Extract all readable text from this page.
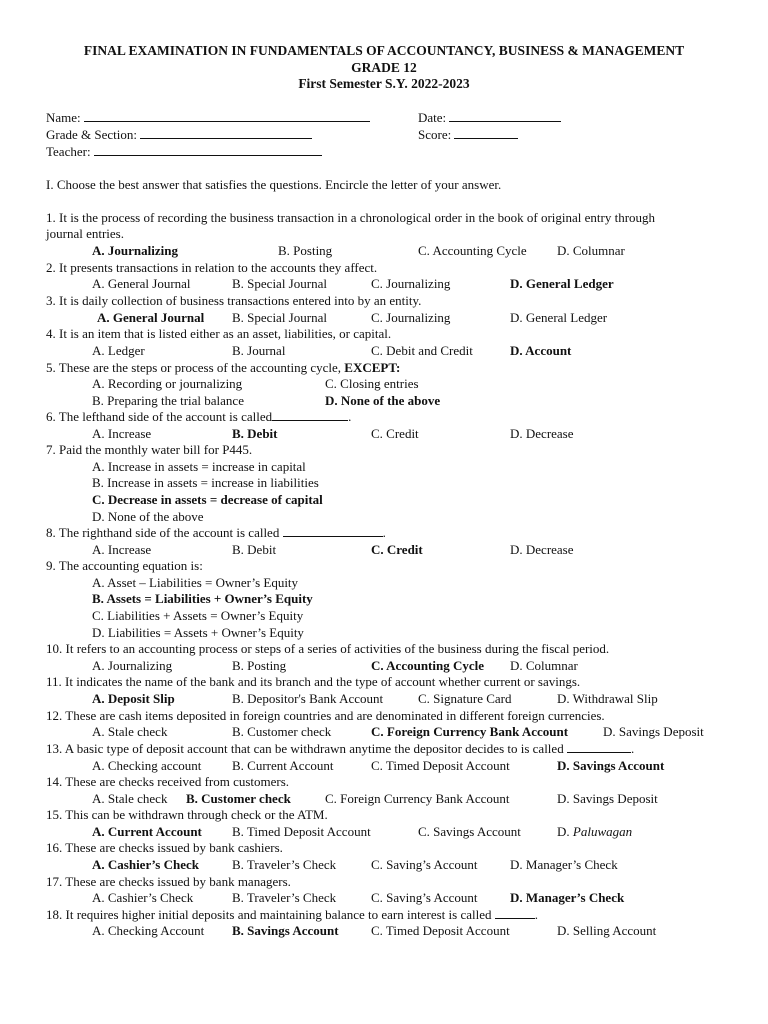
FINAL EXAMINATION IN FUNDAMENTALS OF ACCOUNTANCY, BUSINESS & MANAGEMENT
GRADE 12
First Semester S.Y. 2022-2023
Name:	Date:
Grade & Section:	Score:
Teacher:
I. Choose the best answer that satisfies the questions. Encircle the letter of your answer.
1. It is the process of recording the business transaction in a chronological order in the book of original entry through
journal entries.
A. Journalizing	B. Posting	C. Accounting Cycle D. Columnar
2. It presents transactions in relation to the accounts they affect.
A. General Journal	B. Special Journal	C. Journalizing	D. General Ledger
3. It is daily collection of business transactions entered into by an entity.
A. General Journal B. Special Journal	C. Journalizing	D. General Ledger
4. It is an item that is listed either as an asset, liabilities, or capital.
A. Ledger	B. Journal	C. Debit and Credit	D. Account
5. These are the steps or process of the accounting cycle, EXCEPT:
A. Recording or journalizing	C. Closing entries
B. Preparing the trial balance	D. None of the above
6. The lefthand side of the account is called	.
A. Increase	B. Debit	C. Credit	D. Decrease
7. Paid the monthly water bill for P445.
A. Increase in assets = increase in capital
B. Increase in assets = increase in liabilities
C. Decrease in assets = decrease of capital
D. None of the above
8. The righthand side of the account is called	.
A. Increase	B. Debit	C. Credit	D. Decrease
9. The accounting equation is:
A. Asset – Liabilities = Owner’s Equity
B. Assets = Liabilities + Owner’s Equity
C. Liabilities + Assets = Owner’s Equity
D. Liabilities = Assets + Owner’s Equity
10. It refers to an accounting process or steps of a series of activities of the business during the fiscal period.
A. Journalizing	B. Posting	C. Accounting Cycle D. Columnar
11. It indicates the name of the bank and its branch and the type of account whether current or savings.
A. Deposit Slip	B. Depositor's Bank Account	C. Signature Card	D. Withdrawal Slip
12. These are cash items deposited in foreign countries and are denominated in different foreign currencies.
A. Stale check	B. Customer check	C. Foreign Currency Bank Account	D. Savings Deposit
13. A basic type of deposit account that can be withdrawn anytime the depositor decides to is called	.
A. Checking account B. Current Account	C. Timed Deposit Account	D. Savings Account
14. These are checks received from customers.
A. Stale check B. Customer check	C. Foreign Currency Bank Account	D. Savings Deposit
15. This can be withdrawn through check or the ATM.
A. Current Account B. Timed Deposit Account	C. Savings Account	D. Paluwagan
16. These are checks issued by bank cashiers.
A. Cashier’s Check	B. Traveler’s Check	C. Saving’s Account D. Manager’s Check
17. These are checks issued by bank managers.
A. Cashier’s Check	B. Traveler’s Check	C. Saving’s Account D. Manager’s Check
18. It requires higher initial deposits and maintaining balance to earn interest is called	.
A. Checking Account B. Savings Account C. Timed Deposit Account	D. Selling Account
